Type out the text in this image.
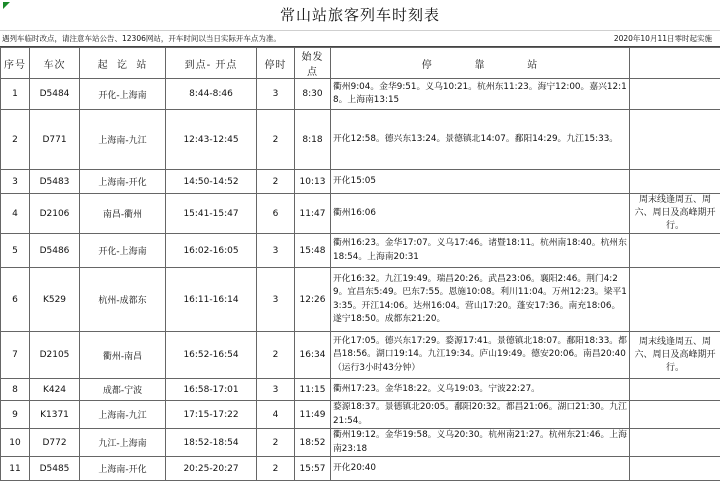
常山站旅客列车时刻表
遇列车临时改点，请注意车站公告、12306网站，开车时间以当日实际开车点为准。	2020年10月11日零时起实施
序号	车次	起  讫  站	到点- 开点	停时	始发点	停          靠          站	
1	D5484	开化-上海南	8:44-8:46	3	8:30	衢州9:04。金华9:51。义乌10:21。杭州东11:23。海宁12:00。嘉兴12:18。上海南13:15	
2	D771	上海南-九江	12:43-12:45	2	8:18	开化12:58。德兴东13:24。景德镇北14:07。鄱阳14:29。九江15:33。	
3	D5483	上海南-开化	14:50-14:52	2	10:13	开化15:05	
4	D2106	南昌-衢州	15:41-15:47	6	11:47	衢州16:06	周末线逢周五、周六、周日及高峰期开行。
5	D5486	开化-上海南	16:02-16:05	3	15:48	衢州16:23。金华17:07。义乌17:46。诸暨18:11。杭州南18:40。杭州东18:54。上海南20:31	
6	K529	杭州-成都东	16:11-16:14	3	12:26	开化16:32。九江19:49。瑞昌20:26。武昌23:06。襄阳2:46。荆门4:29。宜昌东5:49。巴东7:55。恩施10:08。利川11:04。万州12:23。梁平13:35。开江14:06。达州16:04。营山17:20。蓬安17:36。南充18:06。遂宁18:50。成都东21:20。	
7	D2105	衢州-南昌	16:52-16:54	2	16:34	开化17:05。德兴东17:29。婺源17:41。景德镇北18:07。鄱阳18:33。都昌18:56。湖口19:14。九江19:34。庐山19:49。德安20:06。南昌20:40（运行3小时43分钟）	周末线逢周五、周六、周日及高峰期开行。
8	K424	成都-宁波	16:58-17:01	3	11:15	衢州17:23。金华18:22。义乌19:03。宁波22:27。	
9	K1371	上海南-九江	17:15-17:22	4	11:49	婺源18:37。景德镇北20:05。鄱阳20:32。都昌21:06。湖口21:30。九江21:54。	
10	D772	九江-上海南	18:52-18:54	2	18:52	衢州19:12。金华19:58。义乌20:30。杭州南21:27。杭州东21:46。上海南23:18	
11	D5485	上海南-开化	20:25-20:27	2	15:57	开化20:40	
